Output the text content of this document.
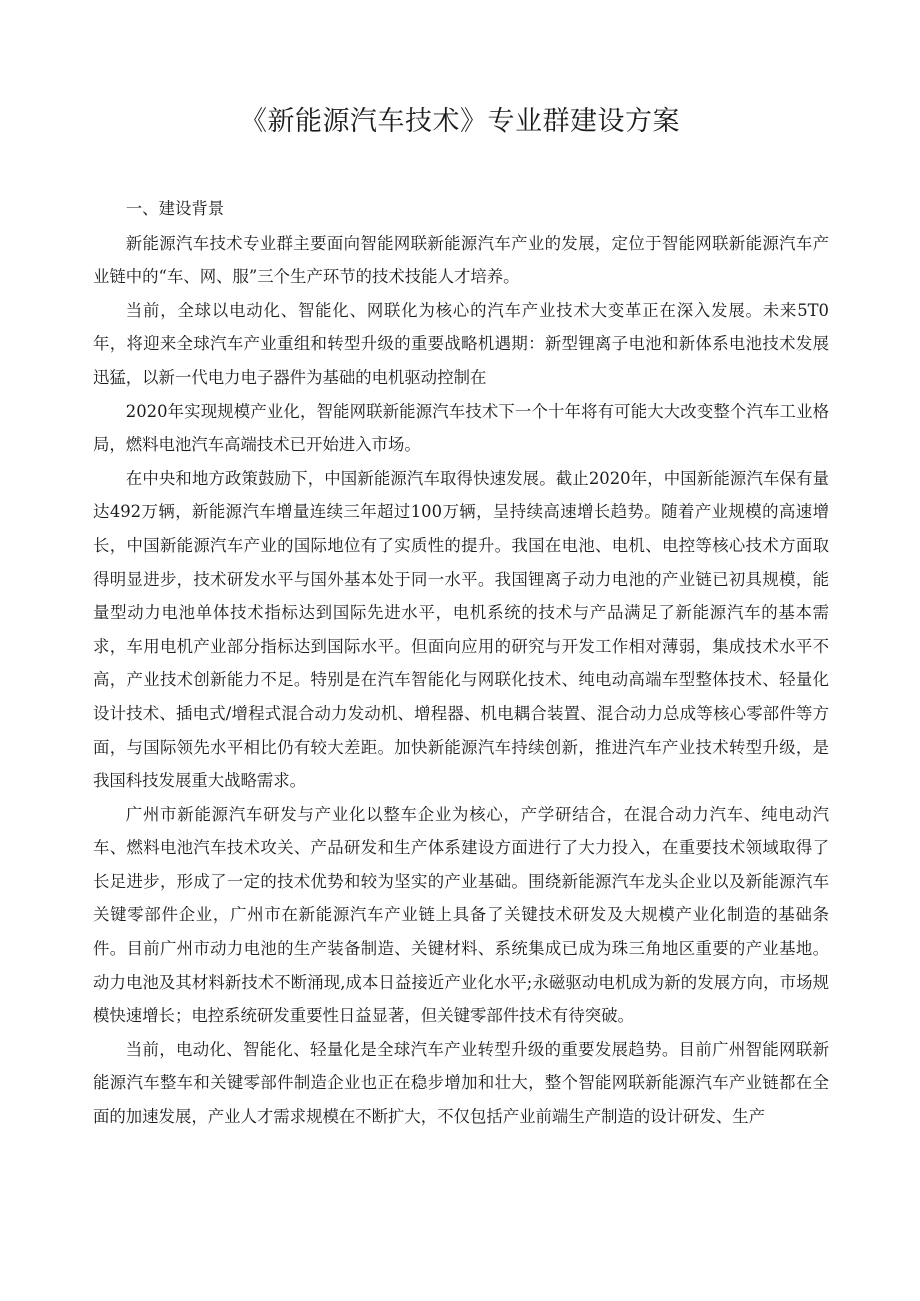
《新能源汽车技术》专业群建设方案
一、建设背景

新能源汽车技术专业群主要面向智能网联新能源汽车产业的发展，定位于智能网联新能源汽车产业链中的“车、网、服”三个生产环节的技术技能人才培养。

当前，全球以电动化、智能化、网联化为核心的汽车产业技术大变革正在深入发展。未来5T0年，将迎来全球汽车产业重组和转型升级的重要战略机遇期：新型锂离子电池和新体系电池技术发展迅猛，以新一代电力电子器件为基础的电机驱动控制在

2020年实现规模产业化，智能网联新能源汽车技术下一个十年将有可能大大改变整个汽车工业格局，燃料电池汽车高端技术已开始进入市场。

在中央和地方政策鼓励下，中国新能源汽车取得快速发展。截止2020年，中国新能源汽车保有量达492万辆，新能源汽车增量连续三年超过100万辆，呈持续高速增长趋势。随着产业规模的高速增长，中国新能源汽车产业的国际地位有了实质性的提升。我国在电池、电机、电控等核心技术方面取得明显进步，技术研发水平与国外基本处于同一水平。我国锂离子动力电池的产业链已初具规模，能量型动力电池单体技术指标达到国际先进水平，电机系统的技术与产品满足了新能源汽车的基本需求，车用电机产业部分指标达到国际水平。但面向应用的研究与开发工作相对薄弱，集成技术水平不高，产业技术创新能力不足。特别是在汽车智能化与网联化技术、纯电动高端车型整体技术、轻量化设计技术、插电式/增程式混合动力发动机、增程器、机电耦合装置、混合动力总成等核心零部件等方面，与国际领先水平相比仍有较大差距。加快新能源汽车持续创新，推进汽车产业技术转型升级，是我国科技发展重大战略需求。

广州市新能源汽车研发与产业化以整车企业为核心，产学研结合，在混合动力汽车、纯电动汽车、燃料电池汽车技术攻关、产品研发和生产体系建设方面进行了大力投入，在重要技术领域取得了长足进步，形成了一定的技术优势和较为坚实的产业基础。围绕新能源汽车龙头企业以及新能源汽车关键零部件企业，广州市在新能源汽车产业链上具备了关键技术研发及大规模产业化制造的基础条件。目前广州市动力电池的生产装备制造、关键材料、系统集成已成为珠三角地区重要的产业基地。动力电池及其材料新技术不断涌现,成本日益接近产业化水平;永磁驱动电机成为新的发展方向，市场规模快速增长；电控系统研发重要性日益显著，但关键零部件技术有待突破。

当前，电动化、智能化、轻量化是全球汽车产业转型升级的重要发展趋势。目前广州智能网联新能源汽车整车和关键零部件制造企业也正在稳步增加和壮大，整个智能网联新能源汽车产业链都在全面的加速发展，产业人才需求规模在不断扩大，不仅包括产业前端生产制造的设计研发、生产
